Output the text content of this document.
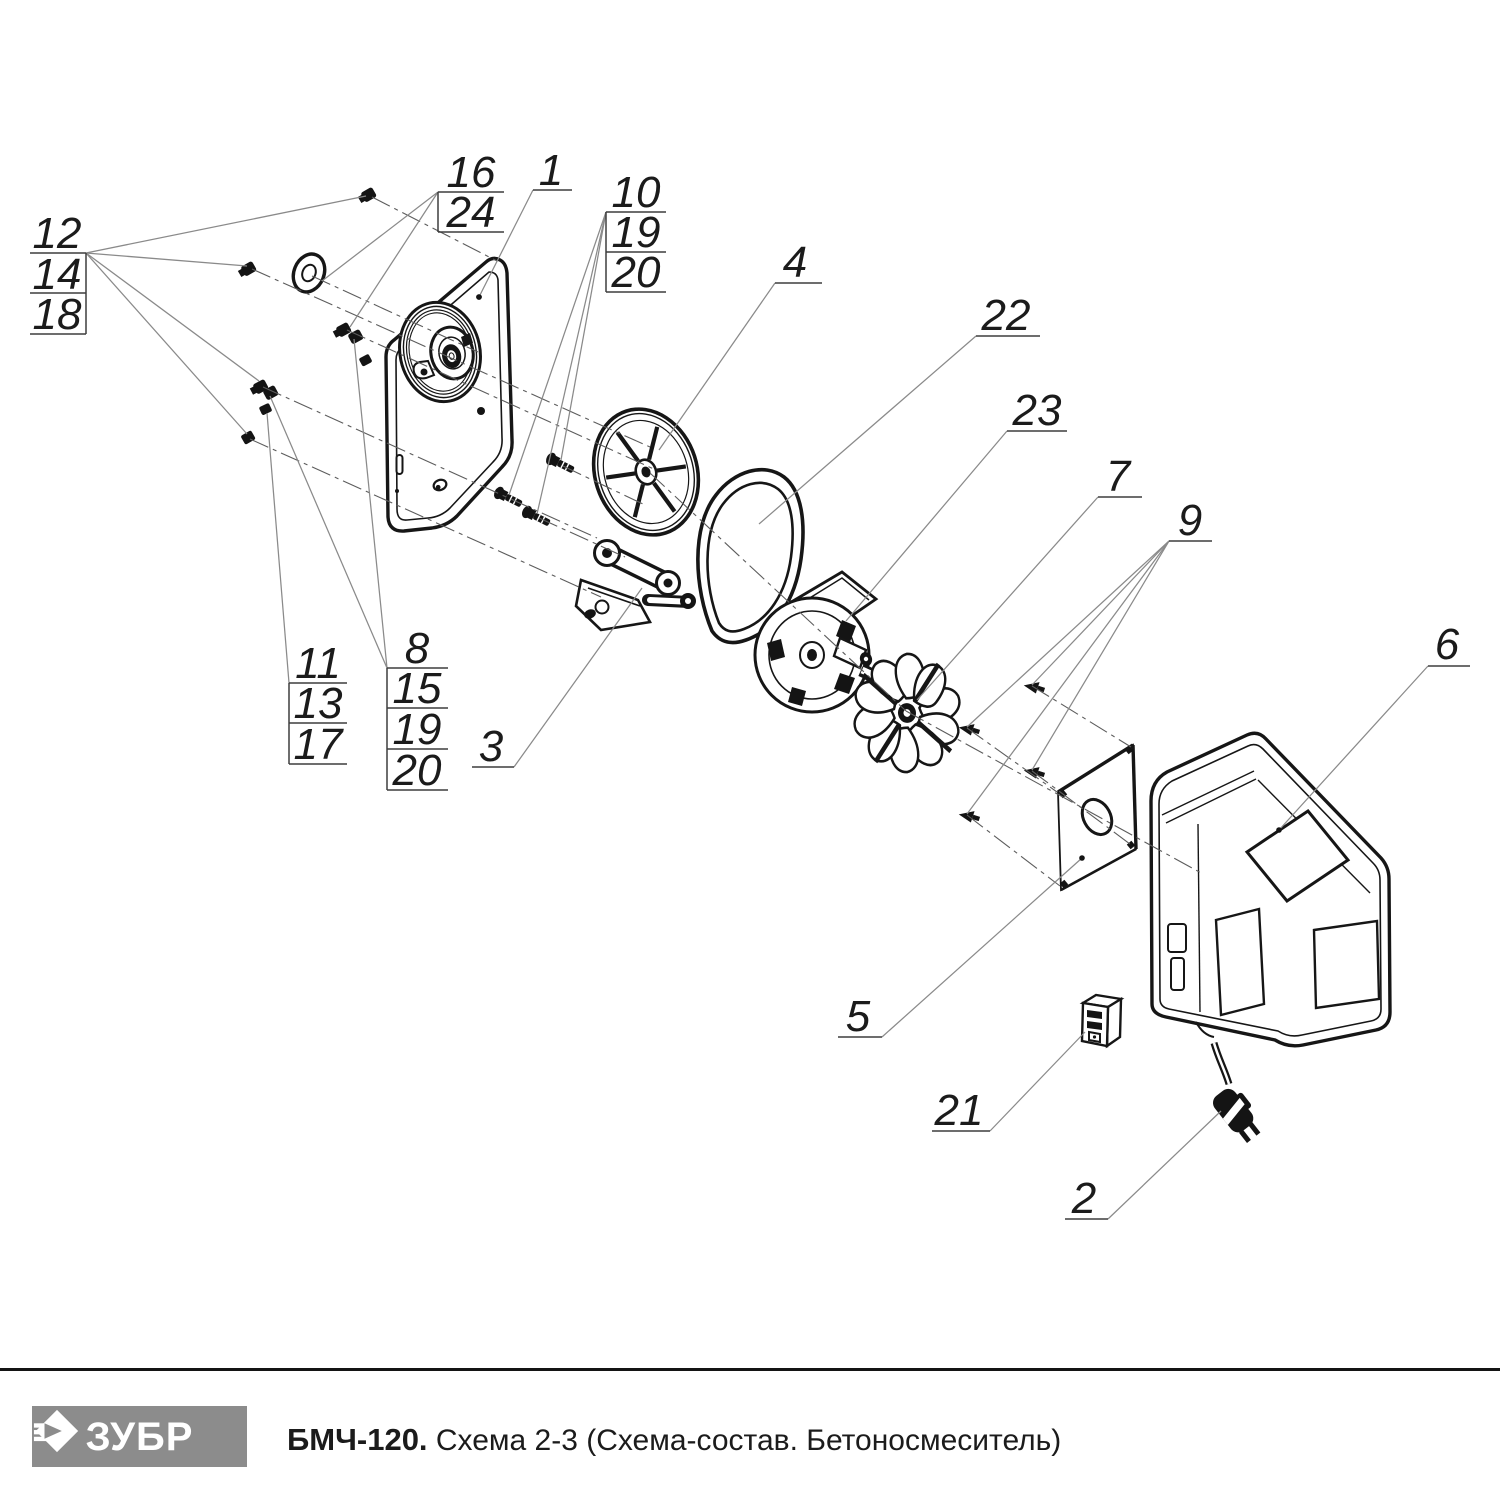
12
14
18
16
24
1 10
19
20	4
22
23
7
9
6
11
13
17
8
15
19
20 3
5
21
2
ЗУБР	БМЧ-120. Схема 2-3 (Схема-состав. Бетоносмеситель)
